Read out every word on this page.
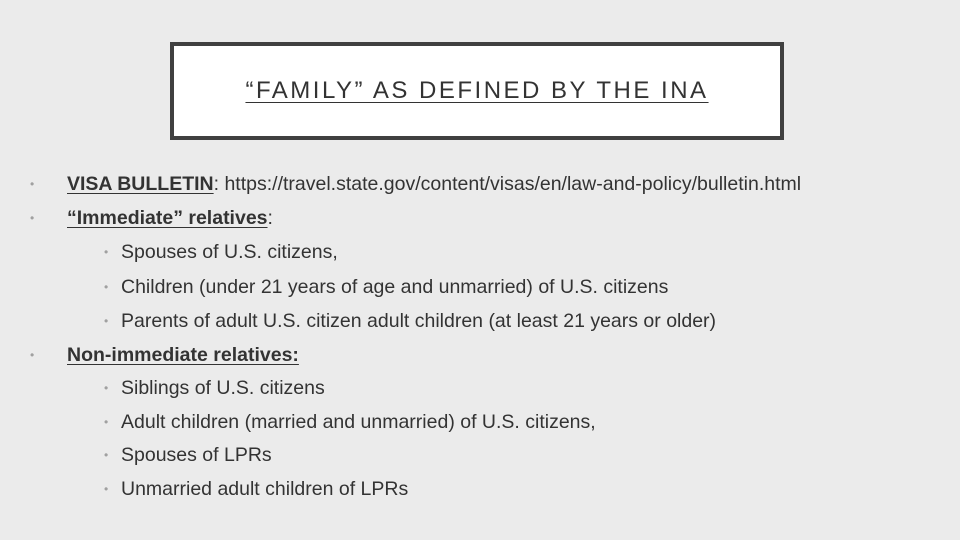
“FAMILY” AS DEFINED BY THE INA
• VISA BULLETIN: https://travel.state.gov/content/visas/en/law-and-policy/bulletin.html
• “Immediate” relatives:
• Spouses of U.S. citizens,
• Children (under 21 years of age and unmarried) of U.S. citizens
• Parents of adult U.S. citizen adult children (at least 21 years or older)
• Non-immediate relatives:
• Siblings of U.S. citizens
• Adult children (married and unmarried) of U.S. citizens,
• Spouses of LPRs
• Unmarried adult children of LPRs
